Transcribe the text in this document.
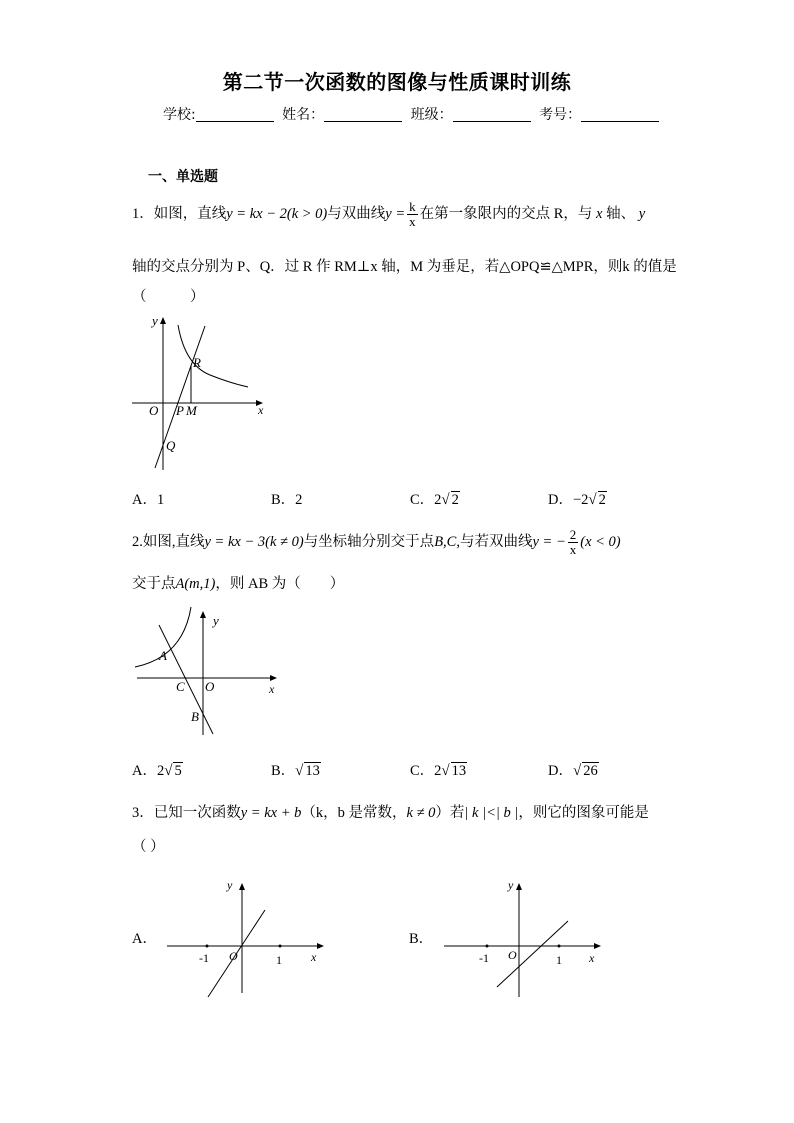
第二节一次函数的图像与性质课时训练
学校:	姓名：	班级：	考号：
一、单选题
1．如图，直线y = kx − 2(k > 0)与双曲线$y = \frac{k}{x}$ 在第一象限内的交点 R，与 x 轴、 y
轴的交点分别为 P、Q．过 R 作 RM⊥x 轴，M 为垂足，若△OPQ≌△MPR，则k 的值是
（　　　）
y
x
O P M
R
Q
A．1	B．2	C．2√ 2	D．−2√ 2
2.如图,直线y = kx − 3(k ≠ 0)与坐标轴分别交于点B,C,与若双曲线y = − $\frac{2}{x} (x < 0)$
交于点A(m,1)，则 AB 为（　　）
y
x
O
A
C
B
A．2√ 5	B．√ 13	C．2√ 13	D．√ 26
3．已知一次函数y = kx + b（k，b 是常数，k ≠ 0）若| k |<| b |，则它的图象可能是
（ ）
A．
y
x
O
-1	1
B．
y
x
O
-1	1
